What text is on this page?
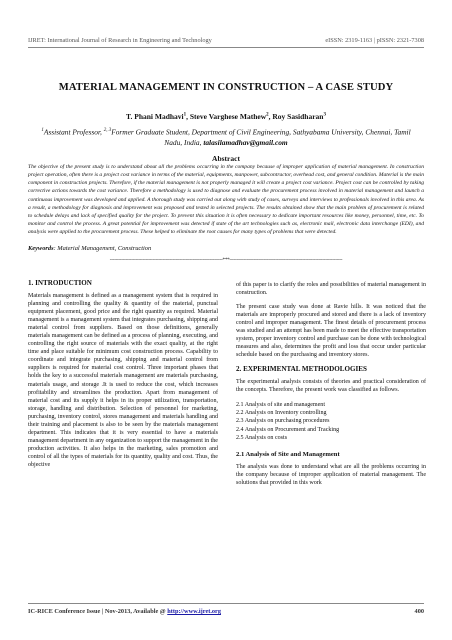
IJRET: International Journal of Research in Engineering and Technology	eISSN: 2319-1163 | pISSN: 2321-7308
MATERIAL MANAGEMENT IN CONSTRUCTION – A CASE STUDY
T. Phani Madhavi$^1$, Steve Varghese Mathew$^2$, Roy Sasidharan$^3$
$^1$Assistant Professor, $^{2, 3}$Former Graduate Student, Department of Civil Engineering, Sathyabama University, Chennai, Tamil Nadu, India, talasilamadhav@gmail.com
Abstract
The objective of the present study is to understand about all the problems occurring in the company because of improper application of material management. In construction project operation, often there is a project cost variance in terms of the material, equipments, manpower, subcontractor, overhead cost, and general condition. Material is the main component in construction projects. Therefore, if the material management is not properly managed it will create a project cost variance. Project cost can be controlled by taking corrective actions towards the cost variance. Therefore a methodology is used to diagnose and evaluate the procurement process involved in material management and launch a continuous improvement was developed and applied. A thorough study was carried out along with study of cases, surveys and interviews to professionals involved in this area. As a result, a methodology for diagnosis and improvement was proposed and tested in selected projects. The results obtained show that the main problem of procurement is related to schedule delays and lack of specified quality for the project. To prevent this situation it is often necessary to dedicate important resources like money, personnel, time, etc. To monitor and control the process. A great potential for improvement was detected if state of the art technologies such as, electronic mail, electronic data interchange (EDI), and analysis were applied to the procurement process. These helped to eliminate the root causes for many types of problems that were detected.
Keywords: Material Management, Construction
-------------------------------------------------------------------------------***-------------------------------------------------------------------------------
1. INTRODUCTION

Materials management is defined as a management system that is required in planning and controlling the quality & quantity of the material, punctual equipment placement, good price and the right quantity as required. Material management is a management system that integrates purchasing, shipping and material control from suppliers. Based on those definitions, generally materials management can be defined as a process of planning, executing, and controlling the right source of materials with the exact quality, at the right time and place suitable for minimum cost construction process. Capability to coordinate and integrate purchasing, shipping and material control from suppliers is required for material cost control. Three important phases that holds the key to a successful materials management are materials purchasing, materials usage, and storage .It is used to reduce the cost, which increases profitability and streamlines the production. Apart from management of material cost and its supply it helps in its proper utilization, transportation, storage, handling and distribution. Selection of personnel for marketing, purchasing, inventory control, stores management and materials handling and their training and placement is also to be seen by the materials management department. This indicates that it is very essential to have a materials management department in any organization to support the management in the production activities. It also helps in the marketing, sales promotion and control of all the types of materials for its quantity, quality and cost. Thus, the objective

of this paper is to clarify the roles and possibilities of material management in construction.

The present case study was done at Ravie hills. It was noticed that the materials are improperly procured and stored and there is a lack of inventory control and improper management. The finest details of procurement process was studied and an attempt has been made to meet the effective transportation system, proper inventory control and purchase can be done with technological measures and also, determines the profit and loss that occur under particular schedule based on the purchasing and inventory stores.

2. EXPERIMENTAL METHODOLOGIES

The experimental analysis consists of theories and practical consideration of the concepts. Therefore, the present work was classified as follows.

2.1 Analysis of site and management
2.2 Analysis on Inventory controlling
2.3 Analysis on purchasing procedures
2.4 Analysis on Procurement and Tracking
2.5 Analysis on costs
2.1 Analysis of Site and Management

The analysis was done to understand what are all the problems occurring in the company because of improper application of material management. The solutions that provided in this work

IC-RICE Conference Issue | Nov-2013, Available @ http://www.ijret.org	400
